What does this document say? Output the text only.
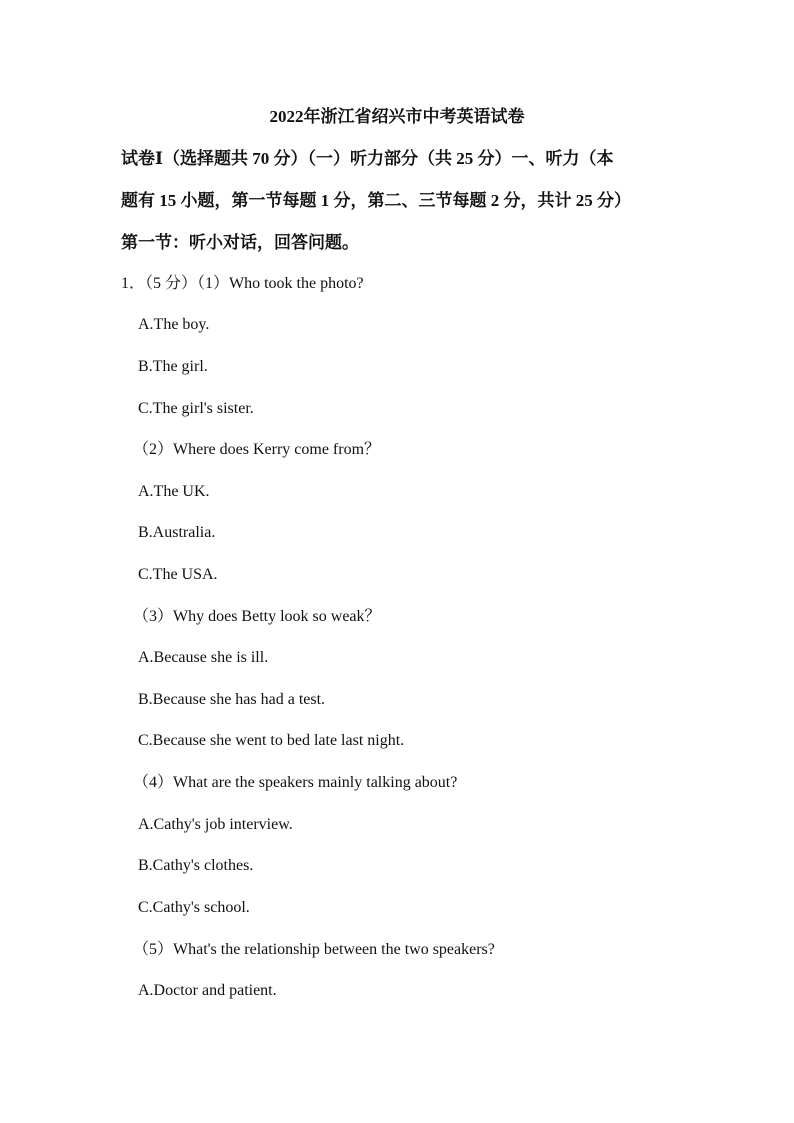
2022年浙江省绍兴市中考英语试卷
试卷Ⅰ（选择题共 70 分）（一）听力部分（共 25 分）一、听力（本
题有 15 小题，第一节每题 1 分，第二、三节每题 2 分，共计 25 分）
第一节：听小对话，回答问题。
1．（5 分）（1）Who took the photo?
A.The boy.
B.The girl.
C.The girl's sister.
（2）Where does Kerry come from？
A.The UK.
B.Australia.
C.The USA.
（3）Why does Betty look so weak？
A.Because she is ill.
B.Because she has had a test.
C.Because she went to bed late last night.
（4）What are the speakers mainly talking about?
A.Cathy's job interview.
B.Cathy's clothes.
C.Cathy's school.
（5）What's the relationship between the two speakers?
A.Doctor and patient.
